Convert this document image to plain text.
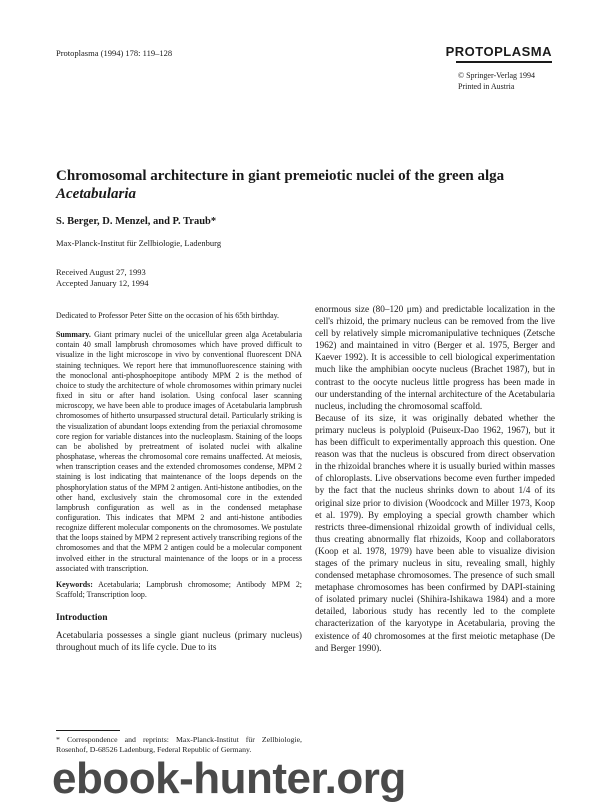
Protoplasma (1994) 178: 119–128	PROTOPLASMA
© Springer-Verlag 1994
Printed in Austria
Chromosomal architecture in giant premeiotic nuclei of the green alga
Acetabularia
S. Berger, D. Menzel, and P. Traub*
Max-Planck-Institut für Zellbiologie, Ladenburg
Received August 27, 1993
Accepted January 12, 1994

Dedicated to Professor Peter Sitte on the occasion of his 65th birthday.

Summary. Giant primary nuclei of the unicellular green alga Acetabularia contain 40 small lampbrush chromosomes which have proved difficult to visualize in the light microscope in vivo by conventional fluorescent DNA staining techniques. We report here that immunofluorescence staining with the monoclonal anti-phosphoepitope antibody MPM 2 is the method of choice to study the architecture of whole chromosomes within primary nuclei fixed in situ or after hand isolation. Using confocal laser scanning microscopy, we have been able to produce images of Acetabularia lampbrush chromosomes of hitherto unsurpassed structural detail. Particularly striking is the visualization of abundant loops extending from the periaxial chromosome core region for variable distances into the nucleoplasm. Staining of the loops can be abolished by pretreatment of isolated nuclei with alkaline phosphatase, whereas the chromosomal core remains unaffected. At meiosis, when transcription ceases and the extended chromosomes condense, MPM 2 staining is lost indicating that maintenance of the loops depends on the phosphorylation status of the MPM 2 antigen. Anti-histone antibodies, on the other hand, exclusively stain the chromosomal core in the extended lampbrush configuration as well as in the condensed metaphase configuration. This indicates that MPM 2 and anti-histone antibodies recognize different molecular components on the chromosomes. We postulate that the loops stained by MPM 2 represent actively transcribing regions of the chromosomes and that the MPM 2 antigen could be a molecular component involved either in the structural maintenance of the loops or in a process associated with transcription.

Keywords: Acetabularia; Lampbrush chromosome; Antibody MPM 2; Scaffold; Transcription loop.

Introduction

Acetabularia possesses a single giant nucleus (primary nucleus) throughout much of its life cycle. Due to its

* Correspondence and reprints: Max-Planck-Institut für Zellbiologie, Rosenhof, D-68526 Ladenburg, Federal Republic of Germany.

enormous size (80–120 μm) and predictable localization in the cell's rhizoid, the primary nucleus can be removed from the live cell by relatively simple micromanipulative techniques (Zetsche 1962) and maintained in vitro (Berger et al. 1975, Berger and Kaever 1992). It is accessible to cell biological experimentation much like the amphibian oocyte nucleus (Brachet 1987), but in contrast to the oocyte nucleus little progress has been made in our understanding of the internal architecture of the Acetabularia nucleus, including the chromosomal scaffold.

Because of its size, it was originally debated whether the primary nucleus is polyploid (Puiseux-Dao 1962, 1967), but it has been difficult to experimentally approach this question. One reason was that the nucleus is obscured from direct observation in the rhizoidal branches where it is usually buried within masses of chloroplasts. Live observations become even further impeded by the fact that the nucleus shrinks down to about 1/4 of its original size prior to division (Woodcock and Miller 1973, Koop et al. 1979). By employing a special growth chamber which restricts three-dimensional rhizoidal growth of individual cells, thus creating abnormally flat rhizoids, Koop and collaborators (Koop et al. 1978, 1979) have been able to visualize division stages of the primary nucleus in situ, revealing small, highly condensed metaphase chromosomes. The presence of such small metaphase chromosomes has been confirmed by DAPI-staining of isolated primary nuclei (Shihira-Ishikawa 1984) and a more detailed, laborious study has recently led to the complete characterization of the karyotype in Acetabularia, proving the existence of 40 chromosomes at the first meiotic metaphase (De and Berger 1990).

ebook-hunter.org
